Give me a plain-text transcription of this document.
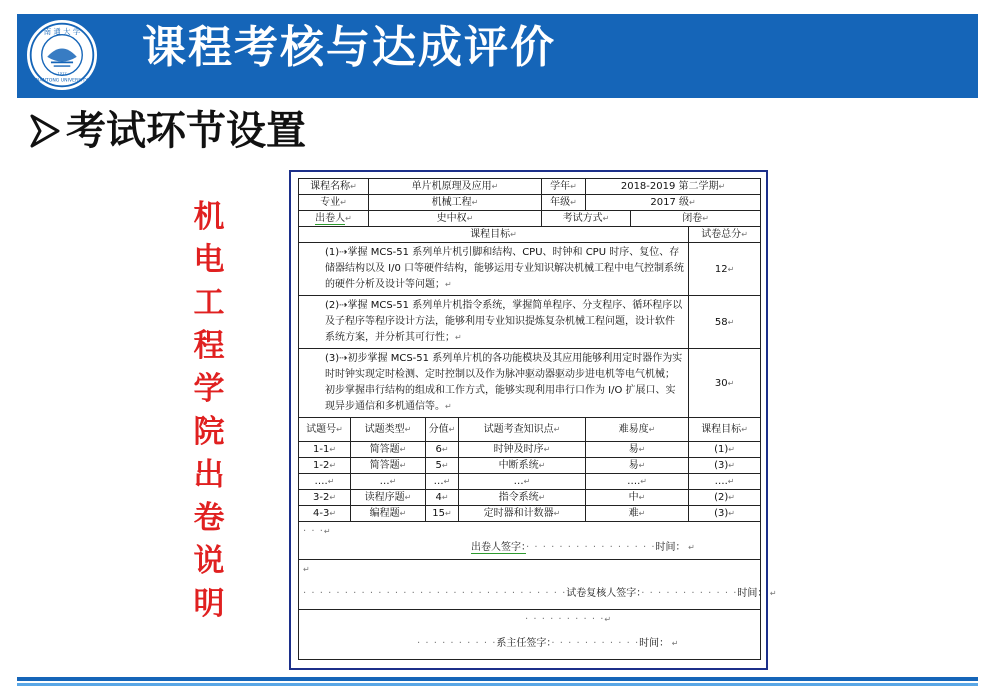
南 通 大 学
NANTONG UNIVERSITY
1912
课程考核与达成评价
考试环节设置
机
电
工
程
学
院
出
卷
说
明
课程名称↵		单片机原理及应用↵			学年↵	2018-2019 第二学期↵		
专业↵		机械工程↵			年级↵	2017 级↵		
出卷人↵		史中权↵			考试方式↵		闭卷↵	
课程目标↵								试卷总分↵
(1)⇢掌握 MCS-51 系列单片机引脚和结构、CPU、时钟和 CPU 时序、复位、存储器结构以及 I/0 口等硬件结构，能够运用专业知识解决机械工程中电气控制系统的硬件分析及设计等问题；↵								12↵
(2)⇢掌握 MCS-51 系列单片机指令系统，掌握简单程序、分支程序、循环程序以及子程序等程序设计方法，能够利用专业知识提炼复杂机械工程问题，设计软件系统方案，并分析其可行性；↵								58↵
(3)⇢初步掌握 MCS-51 系列单片机的各功能模块及其应用能够利用定时器作为实时时钟实现定时检测、定时控制以及作为脉冲驱动器驱动步进电机等电气机械；初步掌握串行结构的组成和工作方式，能够实现利用串行口作为 I/O 扩展口、实现异步通信和多机通信等。↵								30↵
试题号↵	试题类型↵		分值↵	试题考查知识点↵		难易度↵		课程目标↵
1-1↵	简答题↵		6↵	时钟及时序↵		易↵		(1)↵
1-2↵	简答题↵		5↵	中断系统↵		易↵		(3)↵
….↵	…↵		…↵	…↵		….↵		….↵
3-2↵	读程序题↵		4↵	指令系统↵		中↵		(2)↵
4-3↵	编程题↵		15↵	定时器和计数器↵		难↵		(3)↵

· · ·↵
出卷人签字：· · · · · · · · · · · · · · · ·时间： ↵								

↵
· · · · · · · · · · · · · · · · · · · · · · · · · · · · · · · ·试卷复核人签字：· · · · · · · · · · · ·时间： ↵								

· · · · · · · · · ·↵
· · · · · · · · · ·系主任签字：· · · · · · · · · · ·时间： ↵								
